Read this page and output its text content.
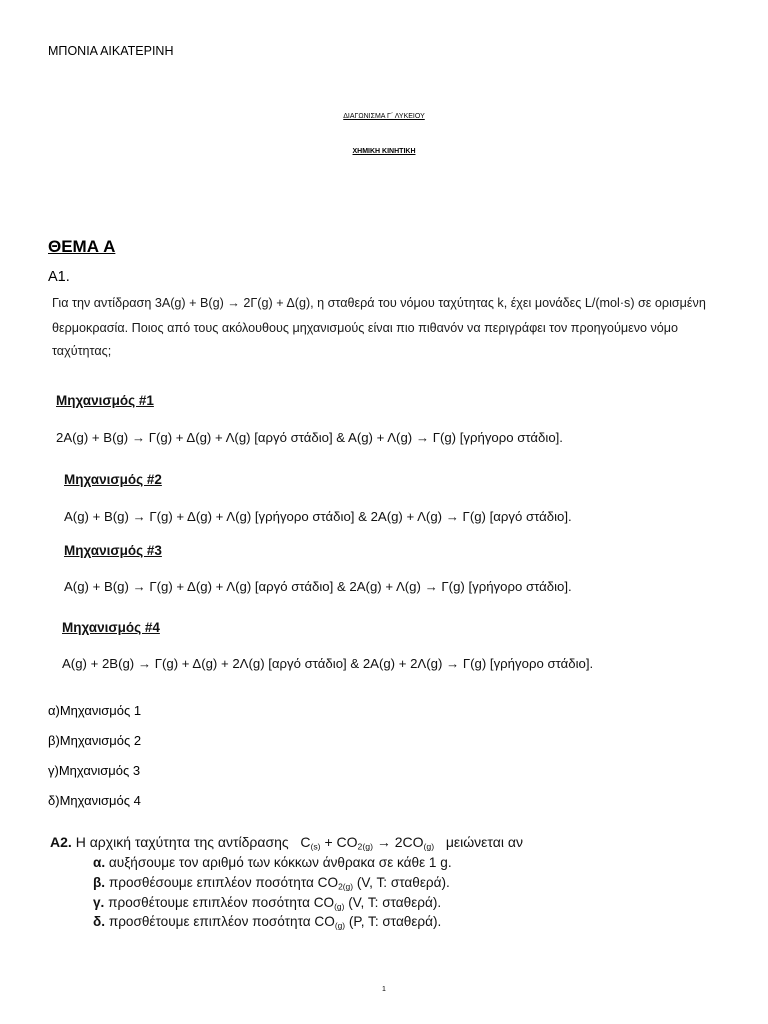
ΜΠΟΝΙΑ ΑΙΚΑΤΕΡΙΝΗ
ΔΙΑΓΩΝΙΣΜΑ Γ΄ ΛΥΚΕΙΟΥ
ΧΗΜΙΚΗ ΚΙΝΗΤΙΚΗ
ΘΕΜΑ Α
Α1.
Για την αντίδραση 3Α(g) + Β(g) → 2Γ(g) + Δ(g), η σταθερά του νόμου ταχύτητας k, έχει μονάδες L/(mol·s) σε ορισμένη
θερμοκρασία. Ποιος από τους ακόλουθους μηχανισμούς είναι πιο πιθανόν να περιγράφει τον προηγούμενο νόμο
ταχύτητας;
Μηχανισμός #1
2Α(g) + Β(g) → Γ(g) + Δ(g) + Λ(g) [αργό στάδιο] & Α(g) + Λ(g) → Γ(g) [γρήγορο στάδιο].
Μηχανισμός #2
Α(g) + Β(g) → Γ(g) + Δ(g) + Λ(g) [γρήγορο στάδιο] & 2Α(g) + Λ(g) → Γ(g) [αργό στάδιο].
Μηχανισμός #3
Α(g) + Β(g) → Γ(g) + Δ(g) + Λ(g) [αργό στάδιο] & 2Α(g) + Λ(g) → Γ(g) [γρήγορο στάδιο].
Μηχανισμός #4
Α(g) + 2Β(g) → Γ(g) + Δ(g) + 2Λ(g) [αργό στάδιο] & 2Α(g) + 2Λ(g) → Γ(g) [γρήγορο στάδιο].
α)Μηχανισμός 1
β)Μηχανισμός 2
γ)Μηχανισμός 3
δ)Μηχανισμός 4
Α2. Η αρχική ταχύτητα της αντίδρασης $C_{(s)} + CO_{2(g)} \to 2CO_{(g)}$ μειώνεται αν
α. αυξήσουμε τον αριθμό των κόκκων άνθρακα σε κάθε 1 g.
β. προσθέσουμε επιπλέον ποσότητα $CO_{2(g)}$ (V, T: σταθερά).
γ. προσθέτουμε επιπλέον ποσότητα $CO_{(g)}$ (V, T: σταθερά).
δ. προσθέτουμε επιπλέον ποσότητα $CO_{(g)}$ (P, T: σταθερά).
1
